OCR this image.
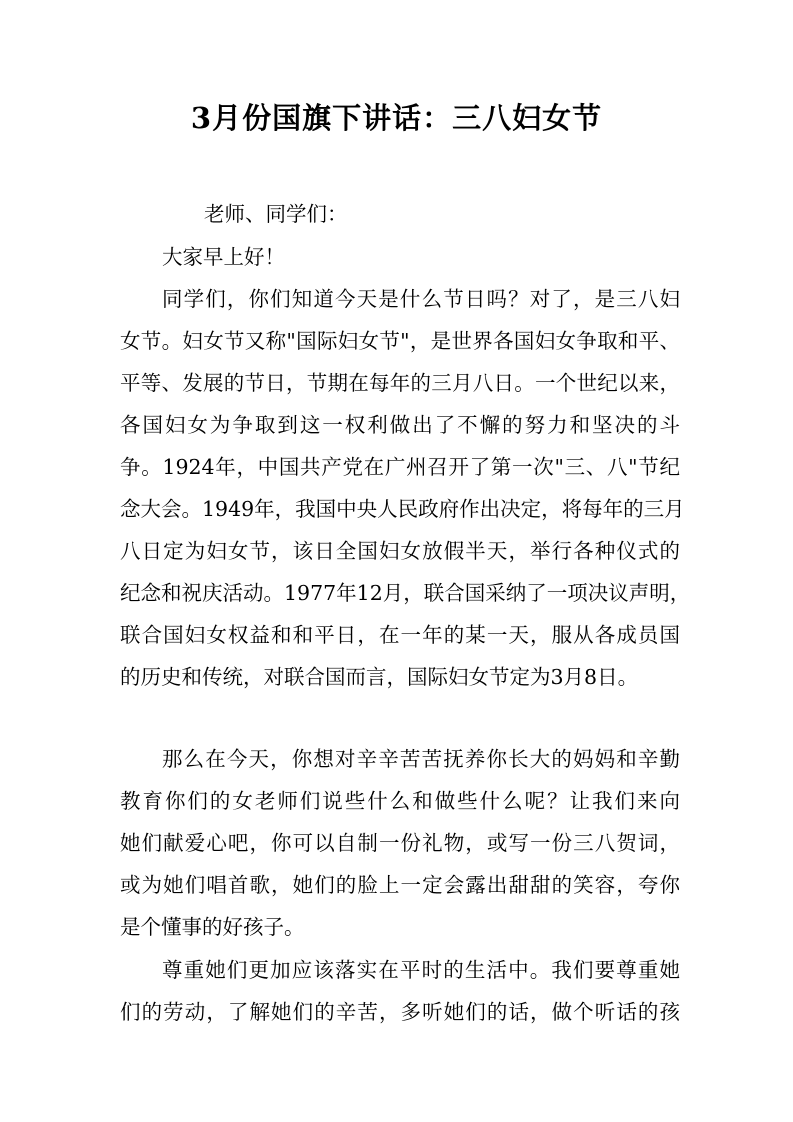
3月份国旗下讲话：三八妇女节
老师、同学们：
大家早上好！
同学们，你们知道今天是什么节日吗？对了，是三八妇
女节。妇女节又称"国际妇女节"，是世界各国妇女争取和平、
平等、发展的节日，节期在每年的三月八日。一个世纪以来，
各国妇女为争取到这一权利做出了不懈的努力和坚决的斗
争。1924年，中国共产党在广州召开了第一次"三、八"节纪
念大会。1949年，我国中央人民政府作出决定，将每年的三月
八日定为妇女节，该日全国妇女放假半天，举行各种仪式的
纪念和祝庆活动。1977年12月，联合国采纳了一项决议声明，
联合国妇女权益和和平日，在一年的某一天，服从各成员国
的历史和传统，对联合国而言，国际妇女节定为3月8日。
那么在今天，你想对辛辛苦苦抚养你长大的妈妈和辛勤
教育你们的女老师们说些什么和做些什么呢？让我们来向
她们献爱心吧，你可以自制一份礼物，或写一份三八贺词，
或为她们唱首歌，她们的脸上一定会露出甜甜的笑容，夸你
是个懂事的好孩子。
尊重她们更加应该落实在平时的生活中。我们要尊重她
们的劳动，了解她们的辛苦，多听她们的话，做个听话的孩
